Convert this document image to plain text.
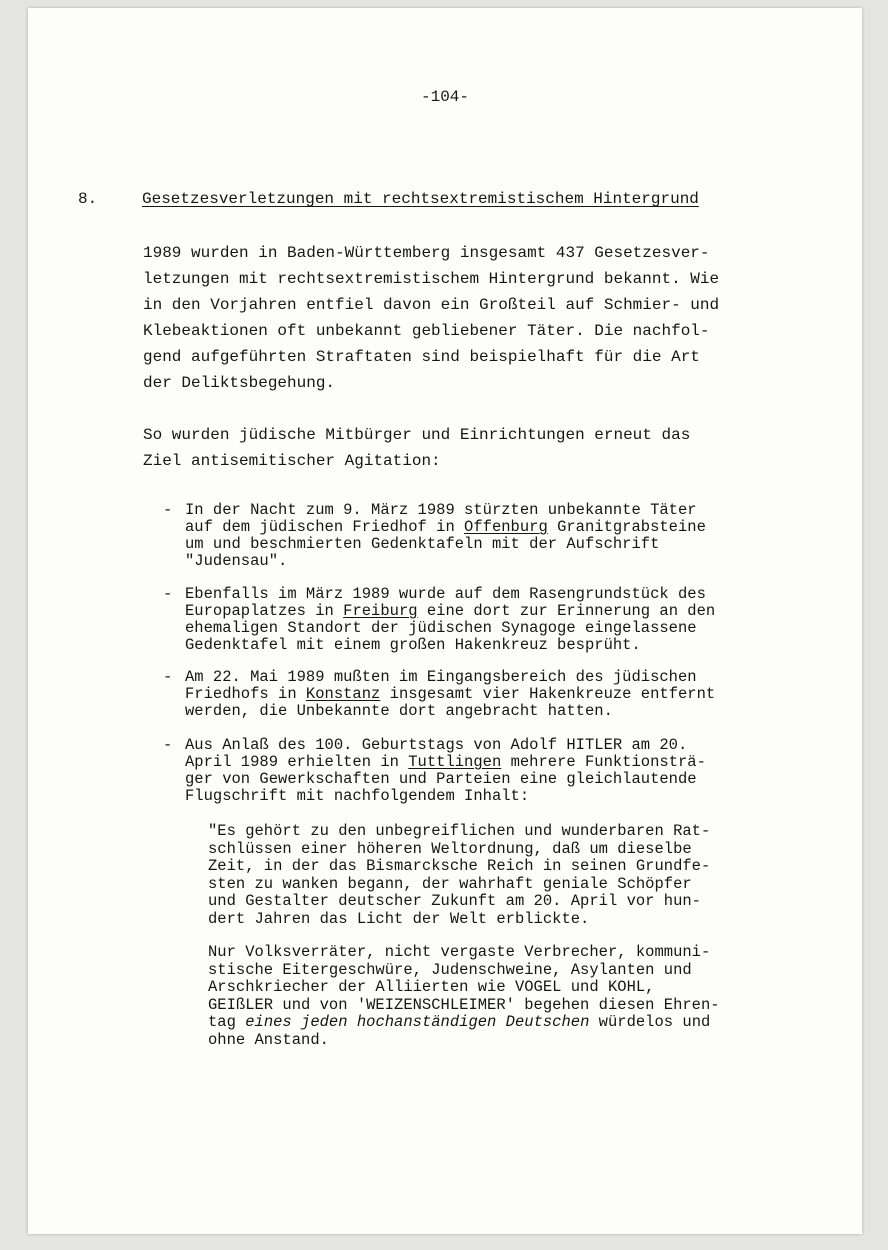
-104-
8.	Gesetzesverletzungen mit rechtsextremistischem Hintergrund
1989 wurden in Baden-Württemberg insgesamt 437 Gesetzesver-
letzungen mit rechtsextremistischem Hintergrund bekannt. Wie
in den Vorjahren entfiel davon ein Großteil auf Schmier- und
Klebeaktionen oft unbekannt gebliebener Täter. Die nachfol-
gend aufgeführten Straftaten sind beispielhaft für die Art
der Deliktsbegehung.
So wurden jüdische Mitbürger und Einrichtungen erneut das
Ziel antisemitischer Agitation:
- In der Nacht zum 9. März 1989 stürzten unbekannte Täter
auf dem jüdischen Friedhof in Offenburg Granitgrabsteine
um und beschmierten Gedenktafeln mit der Aufschrift
"Judensau".
- Ebenfalls im März 1989 wurde auf dem Rasengrundstück des
Europaplatzes in Freiburg eine dort zur Erinnerung an den
ehemaligen Standort der jüdischen Synagoge eingelassene
Gedenktafel mit einem großen Hakenkreuz besprüht.
- Am 22. Mai 1989 mußten im Eingangsbereich des jüdischen
Friedhofs in Konstanz insgesamt vier Hakenkreuze entfernt
werden, die Unbekannte dort angebracht hatten.
- Aus Anlaß des 100. Geburtstags von Adolf HITLER am 20.
April 1989 erhielten in Tuttlingen mehrere Funktionsträ-
ger von Gewerkschaften und Parteien eine gleichlautende
Flugschrift mit nachfolgendem Inhalt:
"Es gehört zu den unbegreiflichen und wunderbaren Rat-
schlüssen einer höheren Weltordnung, daß um dieselbe
Zeit, in der das Bismarcksche Reich in seinen Grundfe-
sten zu wanken begann, der wahrhaft geniale Schöpfer
und Gestalter deutscher Zukunft am 20. April vor hun-
dert Jahren das Licht der Welt erblickte.
Nur Volksverräter, nicht vergaste Verbrecher, kommuni-
stische Eitergeschwüre, Judenschweine, Asylanten und
Arschkriecher der Alliierten wie VOGEL und KOHL,
GEIßLER und von 'WEIZENSCHLEIMER' begehen diesen Ehren-
tag eines jeden hochanständigen Deutschen würdelos und
ohne Anstand.
